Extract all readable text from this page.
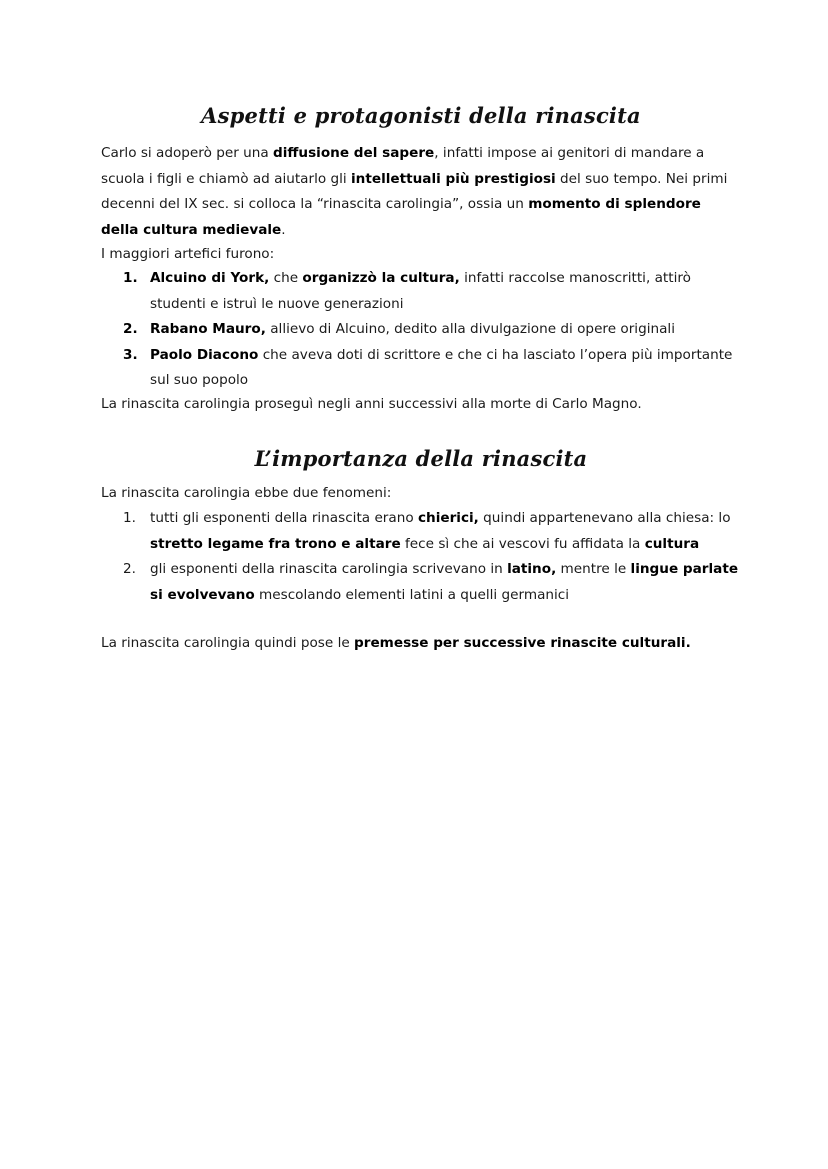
Aspetti e protagonisti della rinascita

Carlo si adoperò per una diffusione del sapere, infatti impose ai genitori di mandare a scuola i figli e chiamò ad aiutarlo gli intellettuali più prestigiosi del suo tempo. Nei primi decenni del IX sec. si colloca la “rinascita carolingia”, ossia un momento di splendore della cultura medievale.

I maggiori artefici furono:

1. Alcuino di York, che organizzò la cultura, infatti raccolse manoscritti, attirò studenti e istruì le nuove generazioni
2. Rabano Mauro, allievo di Alcuino, dedito alla divulgazione di opere originali
3. Paolo Diacono che aveva doti di scrittore e che ci ha lasciato l’opera più importante sul suo popolo

La rinascita carolingia proseguì negli anni successivi alla morte di Carlo Magno.

L’importanza della rinascita

La rinascita carolingia ebbe due fenomeni:

1. tutti gli esponenti della rinascita erano chierici, quindi appartenevano alla chiesa: lo stretto legame fra trono e altare fece sì che ai vescovi fu affidata la cultura
2. gli esponenti della rinascita carolingia scrivevano in latino, mentre le lingue parlate si evolvevano mescolando elementi latini a quelli germanici

La rinascita carolingia quindi pose le premesse per successive rinascite culturali.
